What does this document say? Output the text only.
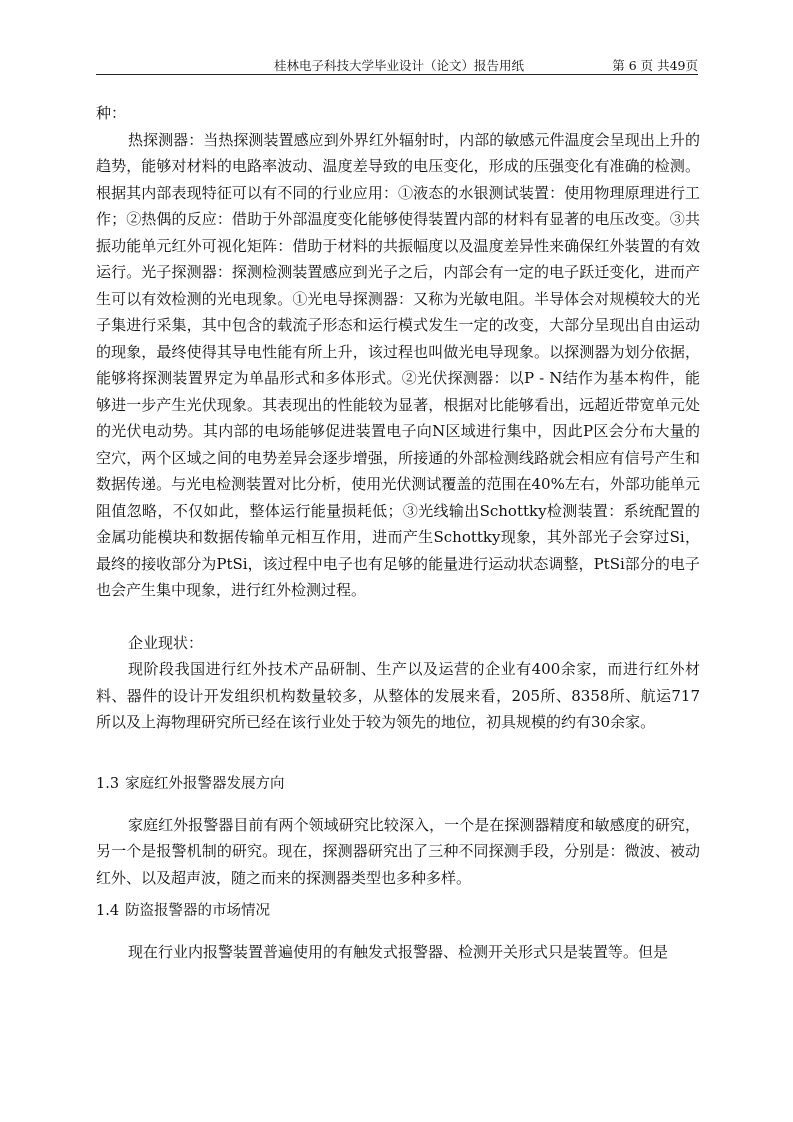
桂林电子科技大学毕业设计（论文）报告用纸	第 6 页 共49页

种：

热探测器：当热探测装置感应到外界红外辐射时，内部的敏感元件温度会呈现出上升的趋势，能够对材料的电路率波动、温度差导致的电压变化，形成的压强变化有准确的检测。根据其内部表现特征可以有不同的行业应用：①液态的水银测试装置：使用物理原理进行工作；②热偶的反应：借助于外部温度变化能够使得装置内部的材料有显著的电压改变。③共振功能单元红外可视化矩阵：借助于材料的共振幅度以及温度差异性来确保红外装置的有效运行。光子探测器：探测检测装置感应到光子之后，内部会有一定的电子跃迁变化，进而产生可以有效检测的光电现象。①光电导探测器：又称为光敏电阻。半导体会对规模较大的光子集进行采集，其中包含的载流子形态和运行模式发生一定的改变，大部分呈现出自由运动的现象，最终使得其导电性能有所上升，该过程也叫做光电导现象。以探测器为划分依据，能够将探测装置界定为单晶形式和多体形式。②光伏探测器：以P - N结作为基本构件，能够进一步产生光伏现象。其表现出的性能较为显著，根据对比能够看出，远超近带宽单元处的光伏电动势。其内部的电场能够促进装置电子向N区域进行集中，因此P区会分布大量的空穴，两个区域之间的电势差异会逐步增强，所接通的外部检测线路就会相应有信号产生和数据传递。与光电检测装置对比分析，使用光伏测试覆盖的范围在40%左右，外部功能单元阻值忽略，不仅如此，整体运行能量损耗低；③光线输出Schottky检测装置：系统配置的金属功能模块和数据传输单元相互作用，进而产生Schottky现象，其外部光子会穿过Si，最终的接收部分为PtSi，该过程中电子也有足够的能量进行运动状态调整，PtSi部分的电子也会产生集中现象，进行红外检测过程。

企业现状：

现阶段我国进行红外技术产品研制、生产以及运营的企业有400余家，而进行红外材料、器件的设计开发组织机构数量较多，从整体的发展来看，205所、8358所、航运717所以及上海物理研究所已经在该行业处于较为领先的地位，初具规模的约有30余家。

1.3 家庭红外报警器发展方向

家庭红外报警器目前有两个领域研究比较深入，一个是在探测器精度和敏感度的研究，另一个是报警机制的研究。现在，探测器研究出了三种不同探测手段，分别是：微波、被动红外、以及超声波，随之而来的探测器类型也多种多样。

1.4 防盗报警器的市场情况

现在行业内报警装置普遍使用的有触发式报警器、检测开关形式只是装置等。但是
